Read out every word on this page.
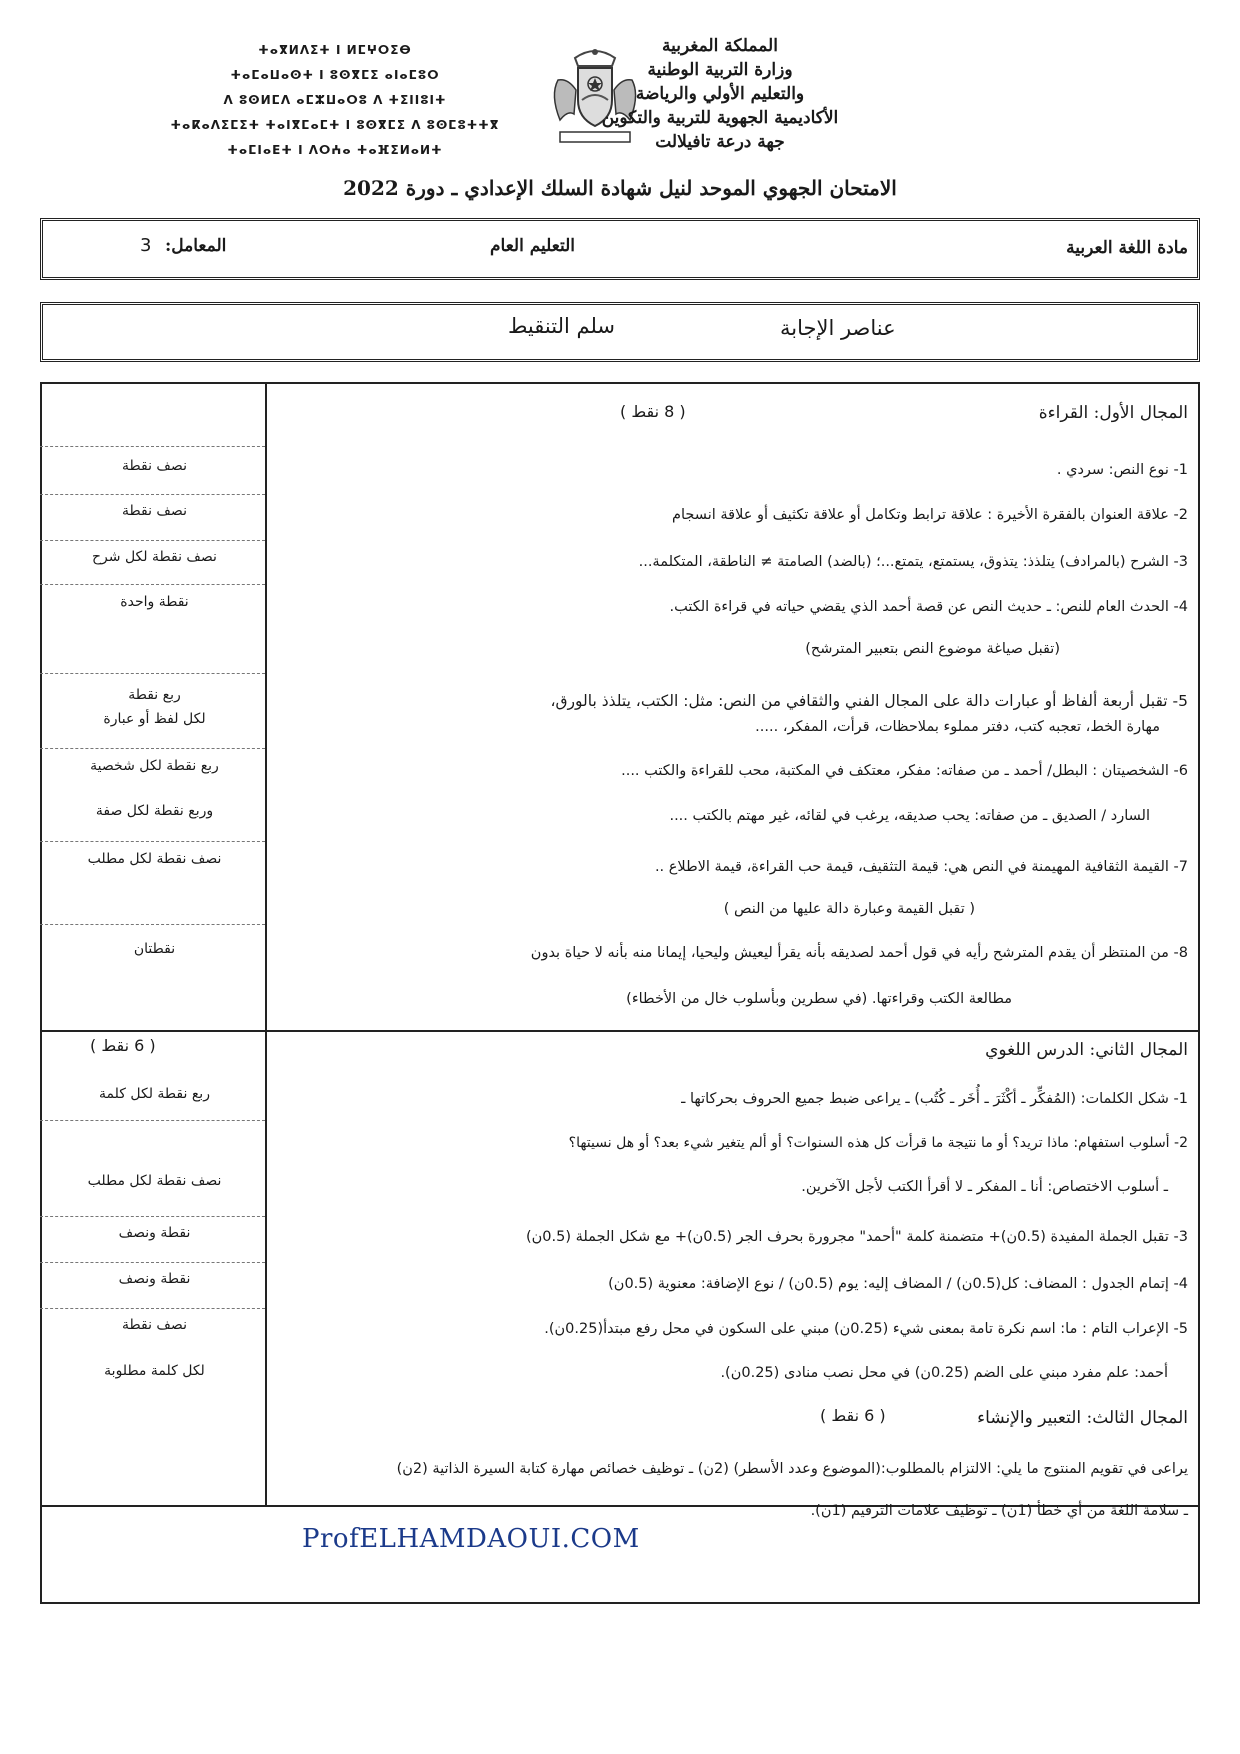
ⵜⴰⴳⵍⴷⵉⵜ ⵏ ⵍⵎⵖⵔⵉⴱ
ⵜⴰⵎⴰⵡⴰⵙⵜ ⵏ ⵓⵙⴳⵎⵉ ⴰⵏⴰⵎⵓⵔ
ⴷ ⵓⵙⵍⵎⴷ ⴰⵎⵣⵡⴰⵔⵓ ⴷ ⵜⵉⵏⵏⵓⵏⵜ
ⵜⴰⴽⴰⴷⵉⵎⵉⵜ ⵜⴰⵏⴳⵎⴰⵎⵜ ⵏ ⵓⵙⴳⵎⵉ ⴷ ⵓⵙⵎⵓⵜⵜⴳ
ⵜⴰⵎⵏⴰⴹⵜ ⵏ ⴷⵔⵄⴰ ⵜⴰⴼⵉⵍⴰⵍⵜ
المملكة المغربية
وزارة التربية الوطنية
والتعليم الأولي والرياضة
الأكاديمية الجهوية للتربية والتكوين
جهة درعة تافيلالت
الامتحان الجهوي الموحد لنيل شهادة السلك الإعدادي ـ دورة 2022
مادة اللغة العربية
التعليم العام
المعامل:
3
عناصر الإجابة
سلم التنقيط
المجال الأول: القراءة
( 8 نقط )
1- نوع النص: سردي .
نصف نقطة
2- علاقة العنوان بالفقرة الأخيرة : علاقة ترابط وتكامل أو علاقة تكثيف أو علاقة انسجام
نصف نقطة
3- الشرح (بالمرادف) يتلذذ: يتذوق، يستمتع، يتمتع...؛ (بالضد) الصامتة ≠ الناطقة، المتكلمة...
نصف نقطة لكل شرح
4- الحدث العام للنص: ـ حديث النص عن قصة أحمد الذي يقضي حياته في قراءة الكتب.
(تقبل صياغة موضوع النص بتعبير المترشح)
نقطة واحدة
5- تقبل أربعة ألفاظ أو عبارات دالة على المجال الفني والثقافي من النص: مثل: الكتب، يتلذذ بالورق،
مهارة الخط، تعجبه كتب، دفتر مملوء بملاحظات، قرأت، المفكر، .....
ربع نقطة
لكل لفظ أو عبارة
6- الشخصيتان : البطل/ أحمد ـ من صفاته: مفكر، معتكف في المكتبة، محب للقراءة والكتب ....
السارد / الصديق ـ من صفاته: يحب صديقه، يرغب في لقائه، غير مهتم بالكتب ....
ربع نقطة لكل شخصية
وربع نقطة لكل صفة
7- القيمة الثقافية المهيمنة في النص هي: قيمة التثقيف، قيمة حب القراءة، قيمة الاطلاع ..
( تقبل القيمة وعبارة دالة عليها من النص )
نصف نقطة لكل مطلب
8- من المنتظر أن يقدم المترشح رأيه في قول أحمد لصديقه بأنه يقرأ ليعيش وليحيا، إيمانا منه بأنه لا حياة بدون
مطالعة الكتب وقراءتها. (في سطرين وبأسلوب خال من الأخطاء)
نقطتان
المجال الثاني: الدرس اللغوي
( 6 نقط )
1- شكل الكلمات: (المُفكِّر ـ أكْثَرَ ـ أُخَر ـ كُتُب) ـ يراعى ضبط جميع الحروف بحركاتها ـ
ربع نقطة لكل كلمة
2- أسلوب استفهام: ماذا تريد؟ أو ما نتيجة ما قرأت كل هذه السنوات؟ أو ألم يتغير شيء بعد؟ أو هل نسيتها؟
ـ أسلوب الاختصاص: أنا ـ المفكر ـ لا أقرأ الكتب لأجل الآخرين.
نصف نقطة لكل مطلب
3- تقبل الجملة المفيدة (0.5ن)+ متضمنة كلمة "أحمد" مجرورة بحرف الجر (0.5ن)+ مع شكل الجملة (0.5ن)
نقطة ونصف
4- إتمام الجدول : المضاف: كل(0.5ن) / المضاف إليه: يوم (0.5ن) / نوع الإضافة: معنوية (0.5ن)
نقطة ونصف
5- الإعراب التام : ما: اسم نكرة تامة بمعنى شيء (0.25ن) مبني على السكون في محل رفع مبتدأ(0.25ن).
أحمد: علم مفرد مبني على الضم (0.25ن) في محل نصب منادى (0.25ن).
نصف نقطة
لكل كلمة مطلوبة
المجال الثالث: التعبير والإنشاء
( 6 نقط )
يراعى في تقويم المنتوج ما يلي: الالتزام بالمطلوب:(الموضوع وعدد الأسطر) (2ن) ـ توظيف خصائص مهارة كتابة السيرة الذاتية (2ن)
ـ سلامة اللغة من أي خطأ (1ن) ـ توظيف علامات الترقيم (1ن).
ProfELHAMDAOUI.COM
